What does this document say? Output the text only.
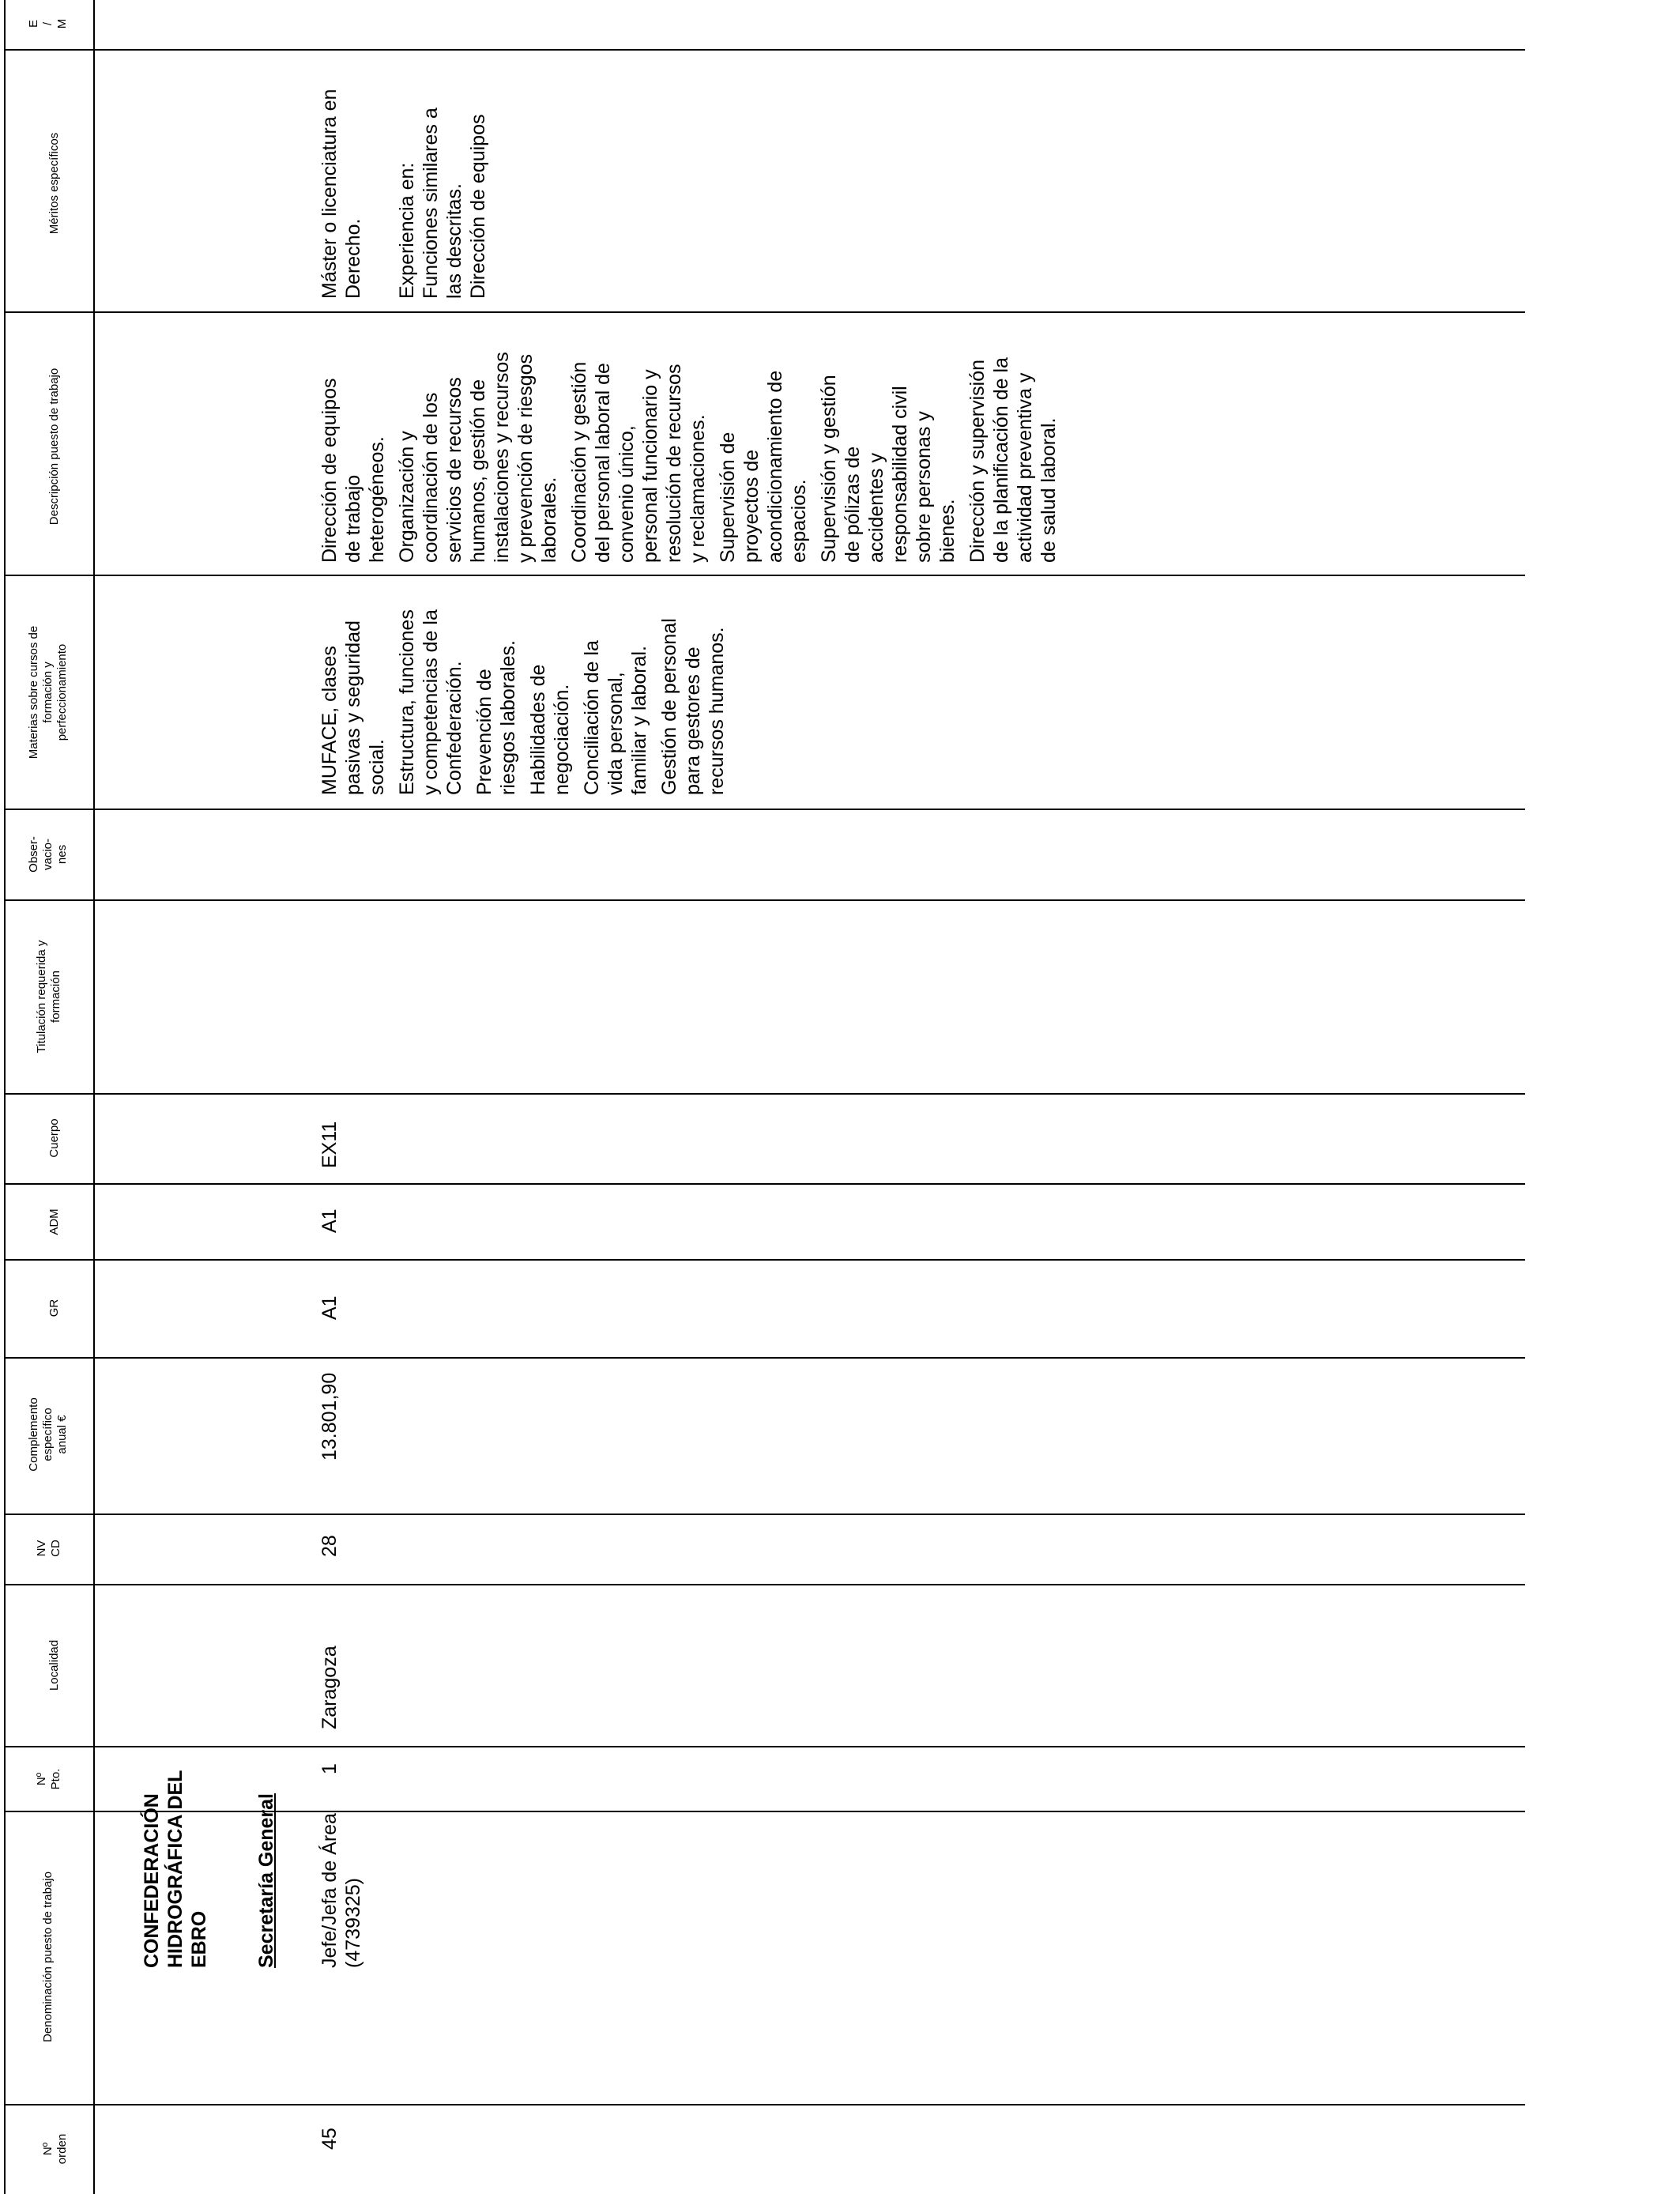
Nº
orden
Denominación puesto de trabajo
Nº
Pto.
Localidad
NV
CD
Complemento
específico
anual €
GR
ADM
Cuerpo
Titulación requerida y
formación
Obser-
vacio-
nes
Materias sobre cursos de
formación y
perfeccionamiento
Descripción puesto de trabajo
Méritos específicos
E
/
M
CONFEDERACIÓN
HIDROGRÁFICA DEL
EBRO Secretaría General
45
Jefe/Jefa de Área
(4739325)
1
Zaragoza
28
13.801,90
A1
A1
EX11

MUFACE, clases
pasivas y seguridad
social. Estructura, funciones
y competencias de la
Confederación. Prevención de
riesgos laborales.

Habilidades de
negociación. Conciliación de la
vida personal,
familiar y laboral.

Gestión de personal
para gestores de
recursos humanos.

Dirección de equipos
de trabajo
heterogéneos. Organización y
coordinación de los
servicios de recursos
humanos, gestión de
instalaciones y recursos
y prevención de riesgos
laborales. Coordinación y gestión
del personal laboral de
convenio único,
personal funcionario y
resolución de recursos
y reclamaciones. Supervisión de
proyectos de
acondicionamiento de
espacios. Supervisión y gestión
de pólizas de
accidentes y
responsabilidad civil
sobre personas y
bienes. Dirección y supervisión
de la planificación de la
actividad preventiva y
de salud laboral.

Máster o licenciatura en
Derecho. Experiencia en: Funciones similares a
las descritas. Dirección de equipos
